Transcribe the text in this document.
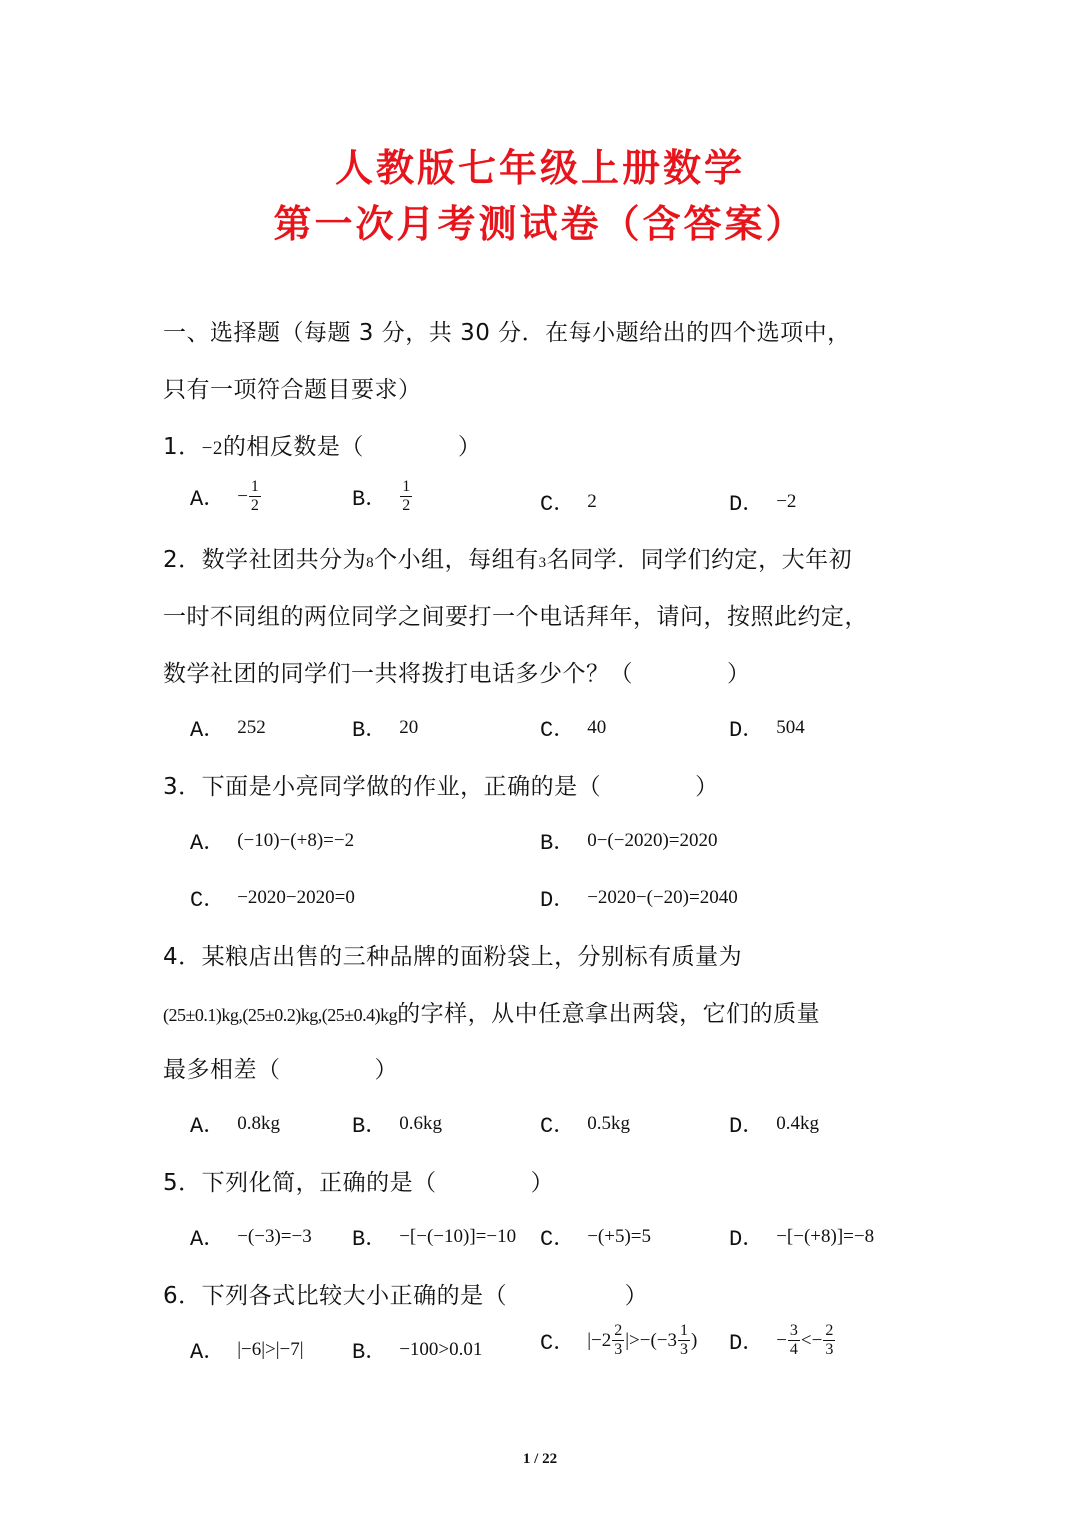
人教版七年级上册数学
第一次月考测试卷（含答案）
一、选择题（每题 3 分，共 30 分．在每小题给出的四个选项中，
只有一项符合题目要求）
1．−2的相反数是（　　　　）
A． − $\frac{1}{2}$	B． $\frac{1}{2}$	C． 2	D． −2
2．数学社团共分为8个小组，每组有3名同学．同学们约定，大年初
一时不同组的两位同学之间要打一个电话拜年，请问，按照此约定，
数学社团的同学们一共将拨打电话多少个？（　　　　）
A． 252	B． 20	C． 40	D． 504
3．下面是小亮同学做的作业，正确的是（　　　　）
A． (−10)−(+8)=−2	B． 0−(−2020)=2020
C． −2020−2020=0	D． −2020−(−20)=2040
4．某粮店出售的三种品牌的面粉袋上，分别标有质量为
(25±0.1)kg,(25±0.2)kg,(25±0.4)kg的字样，从中任意拿出两袋，它们的质量
最多相差（　　　　）
A． 0.8kg	B． 0.6kg	C． 0.5kg	D． 0.4kg
5．下列化简，正确的是（　　　　）
A． −(−3)=−3 B． −[−(−10)]=−10 C． −(+5)=5	D． −[−(+8)]=−8
6．下列各式比较大小正确的是（　　　　　）
A． |−6|>|−7| B． −100>0.01	C． $|-2 \frac{2}{3} |>-(-3 \frac{1}{3}$ ) D． − $\frac{3}{4} <- \frac{2}{3}$
1 / 22
